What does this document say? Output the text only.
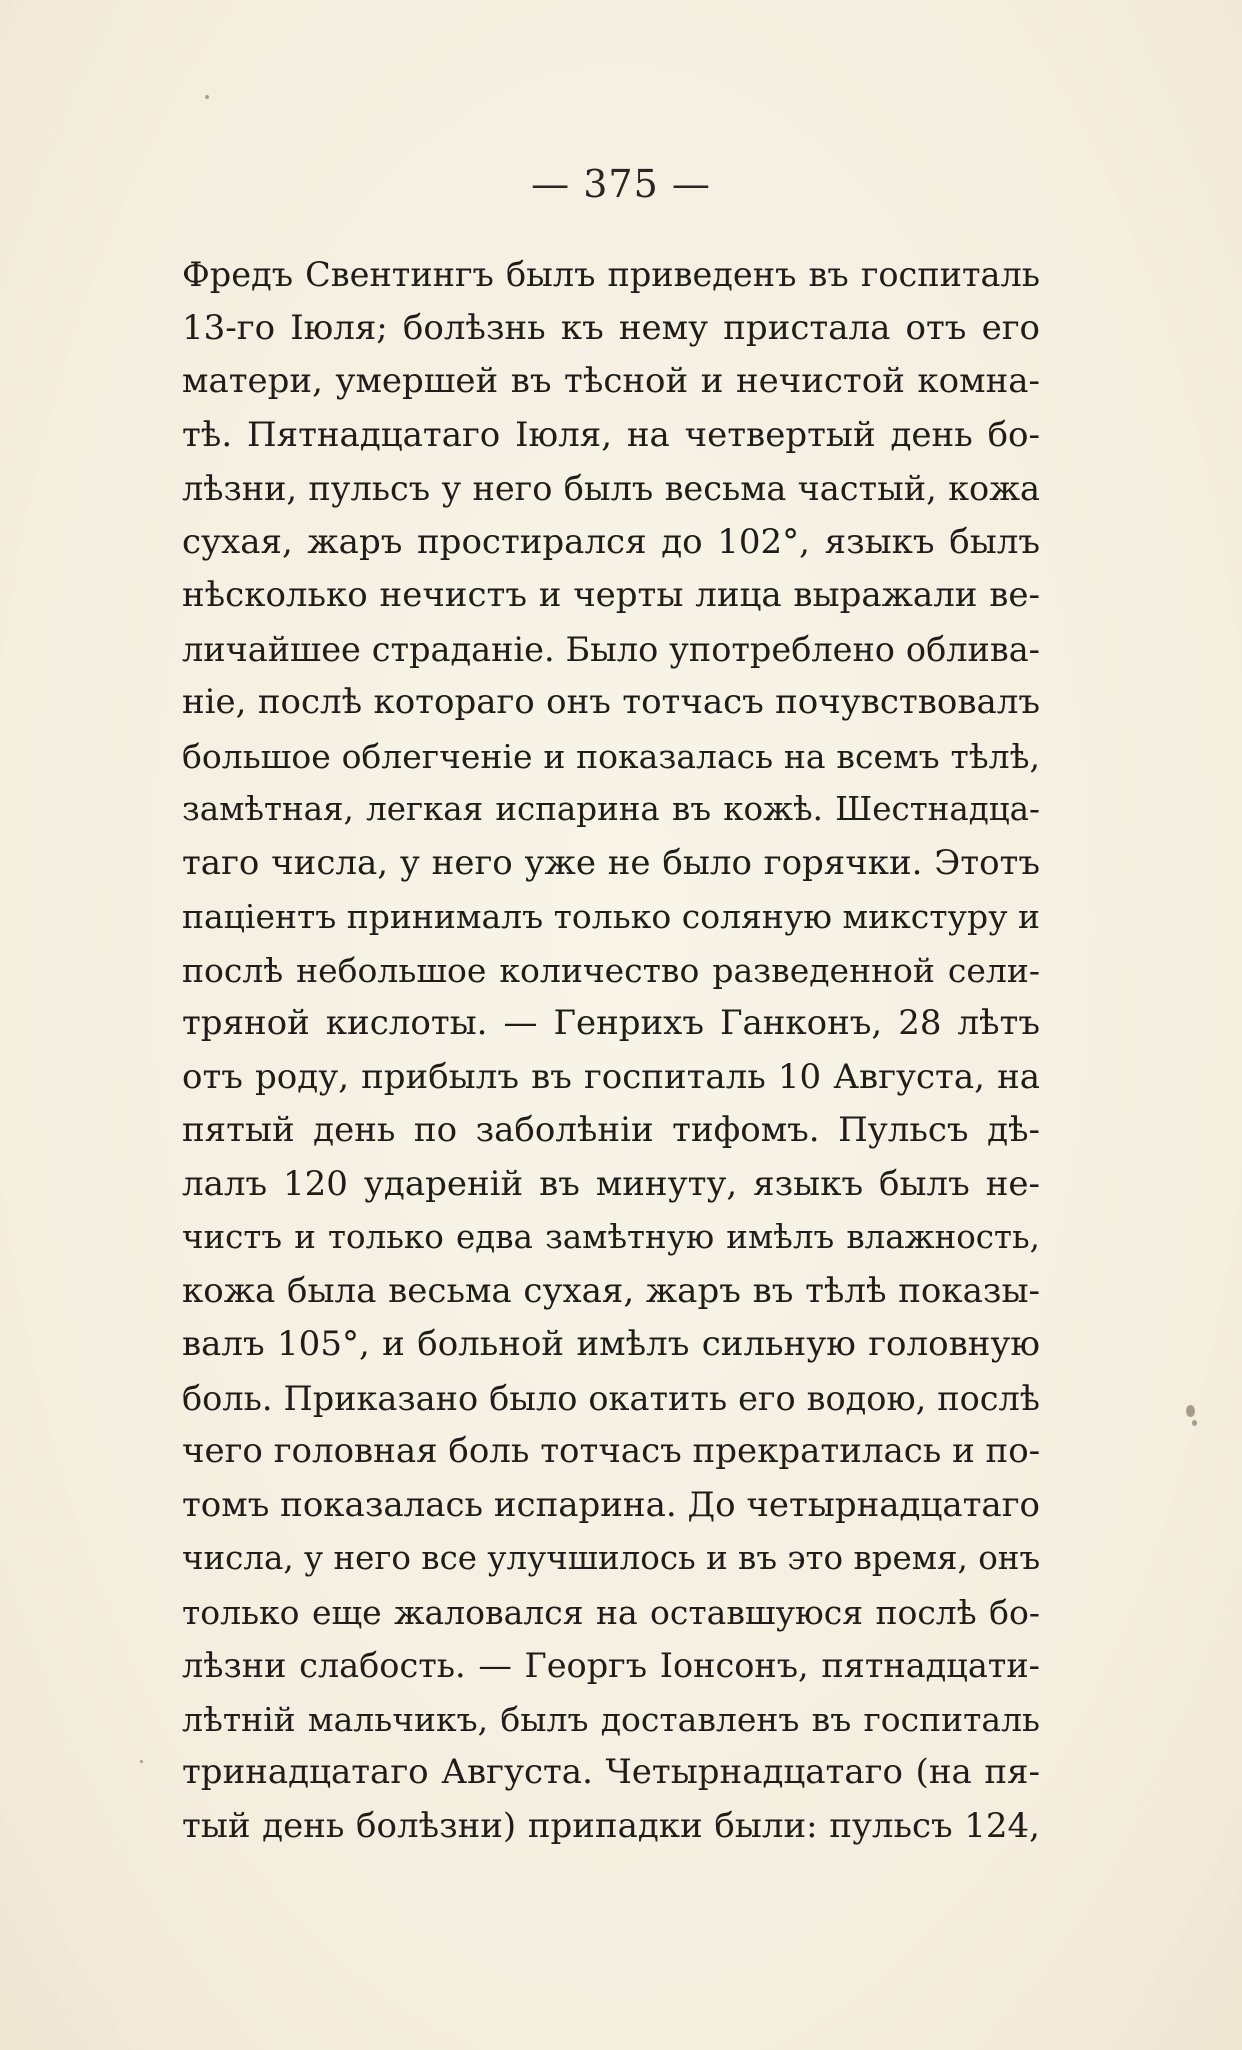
— 375 —
Фредъ Свентингъ былъ приведенъ въ госпиталь
13-го Іюля; болѣзнь къ нему пристала отъ его
матери, умершей въ тѣсной и нечистой комна-
тѣ. Пятнадцатаго Іюля, на четвертый день бо-
лѣзни, пульсъ у него былъ весьма частый, кожа
сухая, жаръ простирался до 102°, языкъ былъ
нѣсколько нечистъ и черты лица выражали ве-
личайшее страданіе. Было употреблено облива-
ніе, послѣ котораго онъ тотчасъ почувствовалъ
большое облегченіе и показалась на всемъ тѣлѣ,
замѣтная, легкая испарина въ кожѣ. Шестнадца-
таго числа, у него уже не было горячки. Этотъ
паціентъ принималъ только соляную микстуру и
послѣ небольшое количество разведенной сели-
тряной кислоты. — Генрихъ Ганконъ, 28 лѣтъ
отъ роду, прибылъ въ госпиталь 10 Августа, на
пятый день по заболѣніи тифомъ. Пульсъ дѣ-
лалъ 120 ударенiй въ минуту, языкъ былъ не-
чистъ и только едва замѣтную имѣлъ влажность,
кожа была весьма сухая, жаръ въ тѣлѣ показы-
валъ 105°, и больной имѣлъ сильную головную
боль. Приказано было окатить его водою, послѣ
чего головная боль тотчасъ прекратилась и по-
томъ показалась испарина. До четырнадцатаго
числа, у него все улучшилось и въ это время, онъ
только еще жаловался на оставшуюся послѣ бо-
лѣзни слабость. — Георгъ Іонсонъ, пятнадцати-
лѣтній мальчикъ, былъ доставленъ въ госпиталь
тринадцатаго Августа. Четырнадцатаго (на пя-
тый день болѣзни) припадки были: пульсъ 124,
